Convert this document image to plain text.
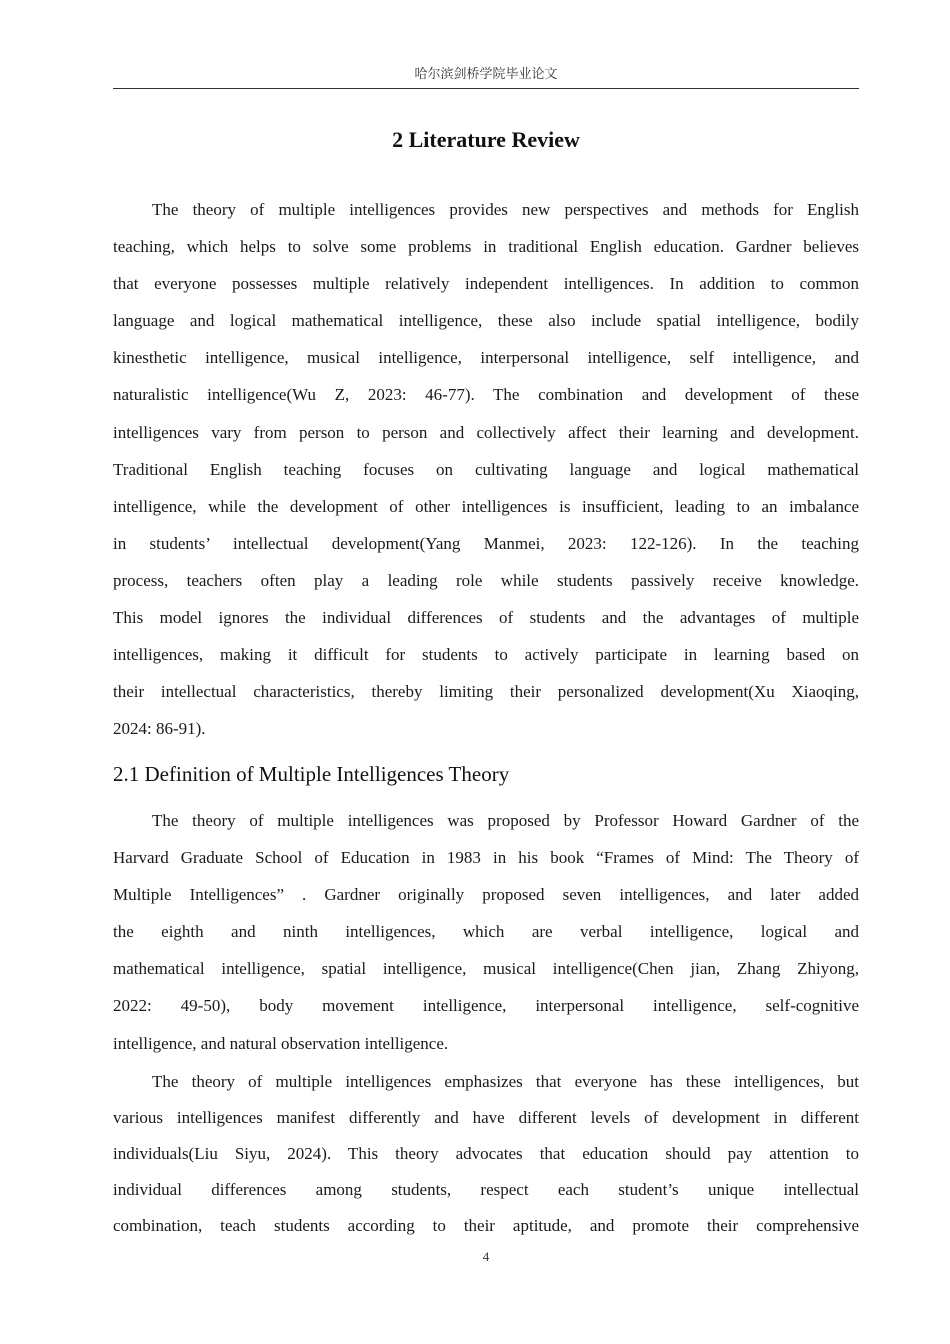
哈尔滨剑桥学院毕业论文
2 Literature Review
The theory of multiple intelligences provides new perspectives and methods for English
teaching, which helps to solve some problems in traditional English education. Gardner believes
that everyone possesses multiple relatively independent intelligences. In addition to common
language and logical mathematical intelligence, these also include spatial intelligence, bodily
kinesthetic intelligence, musical intelligence, interpersonal intelligence, self intelligence, and
naturalistic intelligence(Wu Z, 2023: 46-77). The combination and development of these
intelligences vary from person to person and collectively affect their learning and development.
Traditional English teaching focuses on cultivating language and logical mathematical
intelligence, while the development of other intelligences is insufficient, leading to an imbalance
in students’ intellectual development(Yang Manmei, 2023: 122-126). In the teaching
process, teachers often play a leading role while students passively receive knowledge.
This model ignores the individual differences of students and the advantages of multiple
intelligences, making it difficult for students to actively participate in learning based on
their intellectual characteristics, thereby limiting their personalized development(Xu Xiaoqing,
2024: 86-91).
2.1 Definition of Multiple Intelligences Theory
The theory of multiple intelligences was proposed by Professor Howard Gardner of the
Harvard Graduate School of Education in 1983 in his book “Frames of Mind: The Theory of
Multiple Intelligences” . Gardner originally proposed seven intelligences, and later added
the eighth and ninth intelligences, which are verbal intelligence, logical and
mathematical intelligence, spatial intelligence, musical intelligence(Chen jian, Zhang Zhiyong,
2022: 49-50), body movement intelligence, interpersonal intelligence, self-cognitive
intelligence, and natural observation intelligence.
The theory of multiple intelligences emphasizes that everyone has these intelligences, but
various intelligences manifest differently and have different levels of development in different
individuals(Liu Siyu, 2024). This theory advocates that education should pay attention to
individual differences among students, respect each student’s unique intellectual
combination, teach students according to their aptitude, and promote their comprehensive
4
